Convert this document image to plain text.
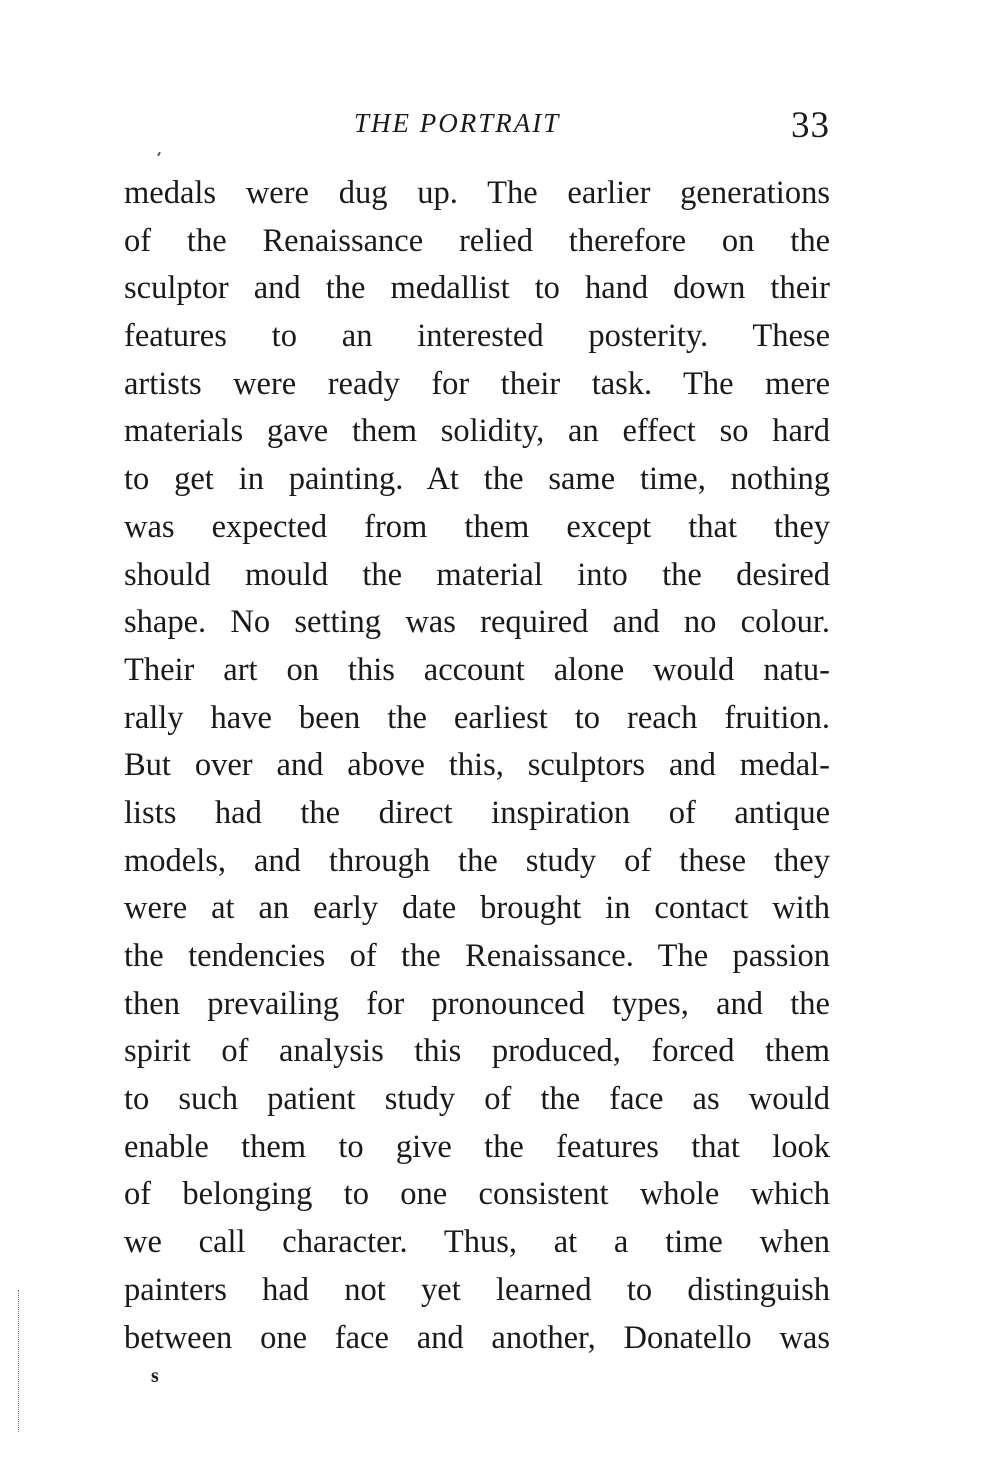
THE PORTRAIT	33
medals were dug up. The earlier generations
of the Renaissance relied therefore on the
sculptor and the medallist to hand down their
features to an interested posterity. These
artists were ready for their task. The mere
materials gave them solidity, an effect so hard
to get in painting. At the same time, nothing
was expected from them except that they
should mould the material into the desired
shape. No setting was required and no colour.
Their art on this account alone would natu-
rally have been the earliest to reach fruition.
But over and above this, sculptors and medal-
lists had the direct inspiration of antique
models, and through the study of these they
were at an early date brought in contact with
the tendencies of the Renaissance. The passion
then prevailing for pronounced types, and the
spirit of analysis this produced, forced them
to such patient study of the face as would
enable them to give the features that look
of belonging to one consistent whole which
we call character. Thus, at a time when
painters had not yet learned to distinguish
between one face and another, Donatello was
s
